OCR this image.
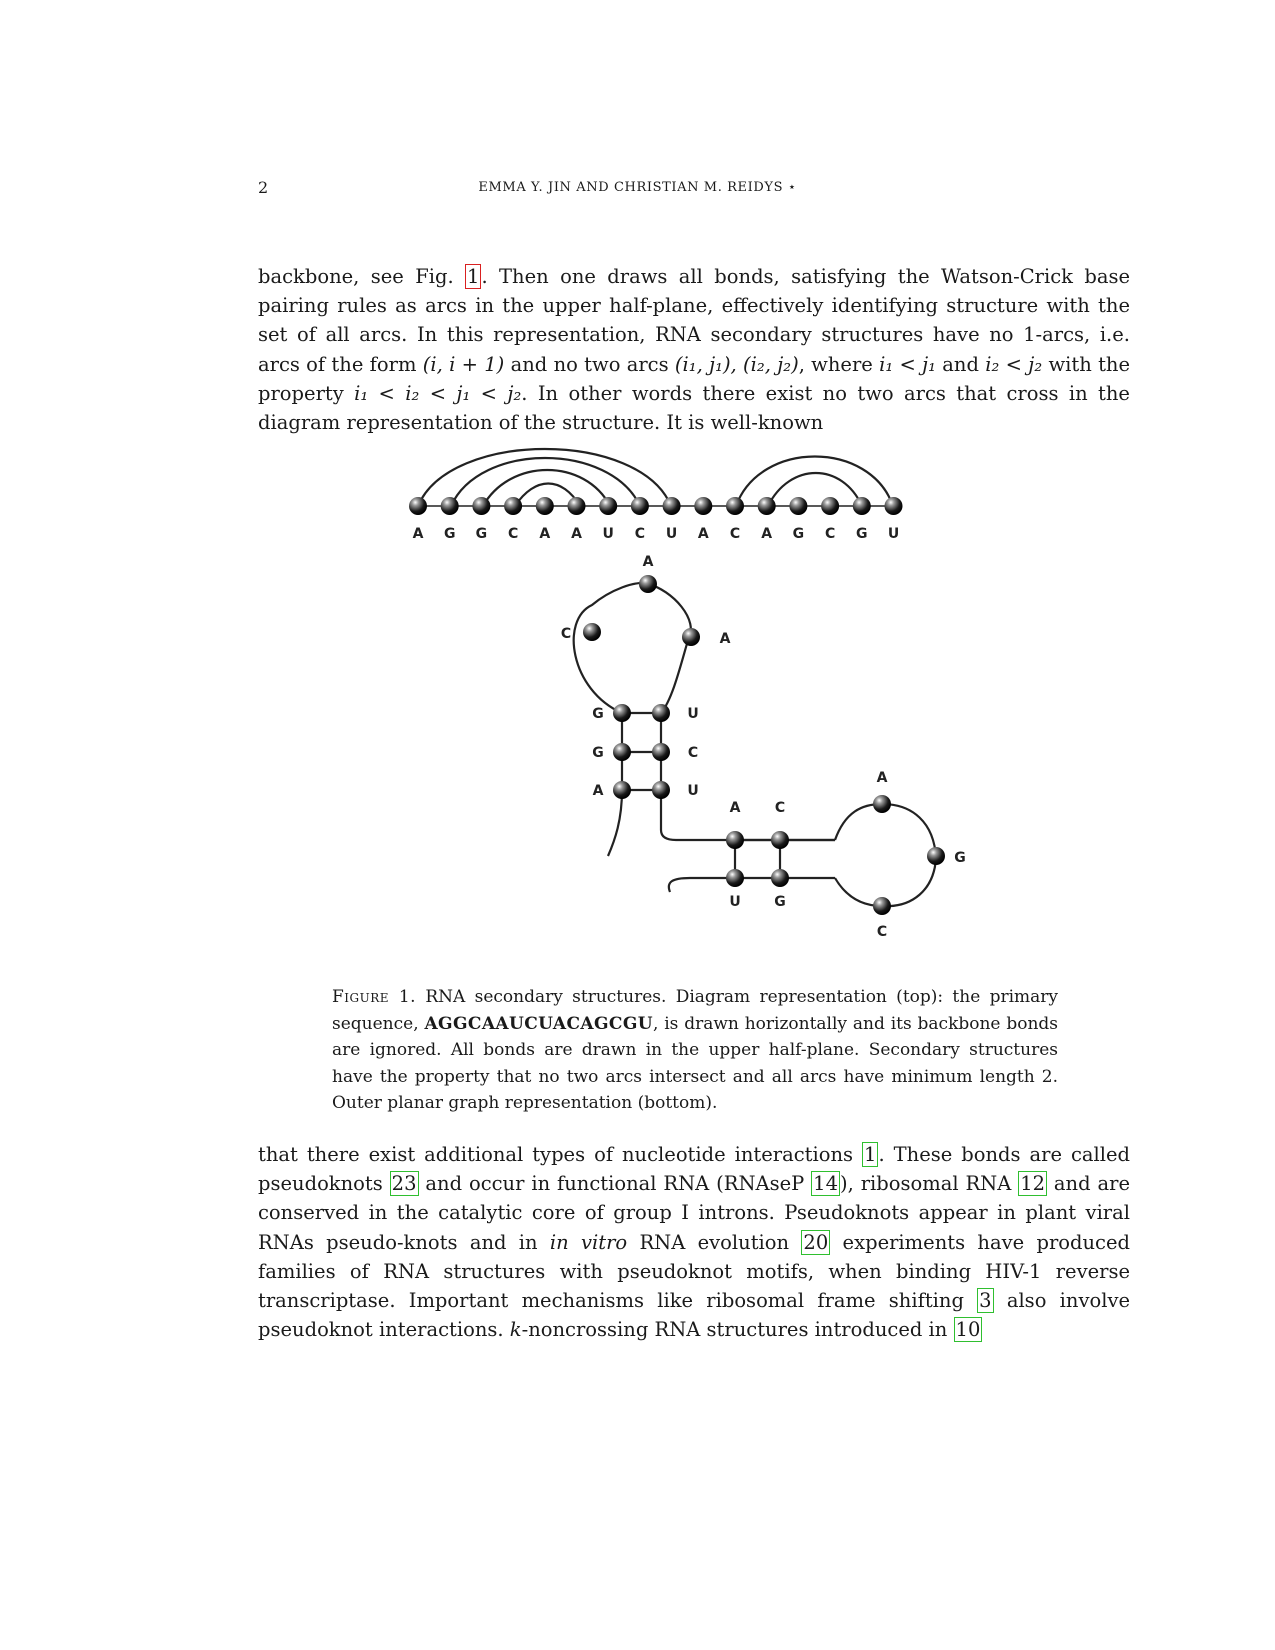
2	EMMA Y. JIN AND CHRISTIAN M. REIDYS ⋆

backbone, see Fig. 1 . Then one draws all bonds, satisfying the Watson-Crick base pairing rules as arcs in the upper half-plane, effectively identifying structure with the set of all arcs. In this representation, RNA secondary structures have no 1-arcs, i.e. arcs of the form (i, i + 1) and no two arcs (i₁, j₁), (i₂, j₂), where i₁ < j₁ and i₂ < j₂ with the property i₁ < i₂ < j₁ < j₂. In other words there exist no two arcs that cross in the diagram representation of the structure. It is well-known

A G G C A A U C U A C A G C G U
A
C	A
G	U
G	C
A	U
A
U
C
G
A
G
C

Figure 1. RNA secondary structures. Diagram representation (top): the primary sequence, AGGCAAUCUACAGCGU, is drawn horizontally and its backbone bonds are ignored. All bonds are drawn in the upper half-plane. Secondary structures have the property that no two arcs intersect and all arcs have minimum length 2. Outer planar graph representation (bottom).

that there exist additional types of nucleotide interactions 1 . These bonds are called pseudoknots 23 and occur in functional RNA (RNAseP 14 ), ribosomal RNA 12 and are conserved in the catalytic core of group I introns. Pseudoknots appear in plant viral RNAs pseudo-knots and in in vitro RNA evolution 20 experiments have produced families of RNA structures with pseudoknot motifs, when binding HIV-1 reverse transcriptase. Important mechanisms like ribosomal frame shifting 3 also involve pseudoknot interactions. k-noncrossing RNA structures introduced in 10
